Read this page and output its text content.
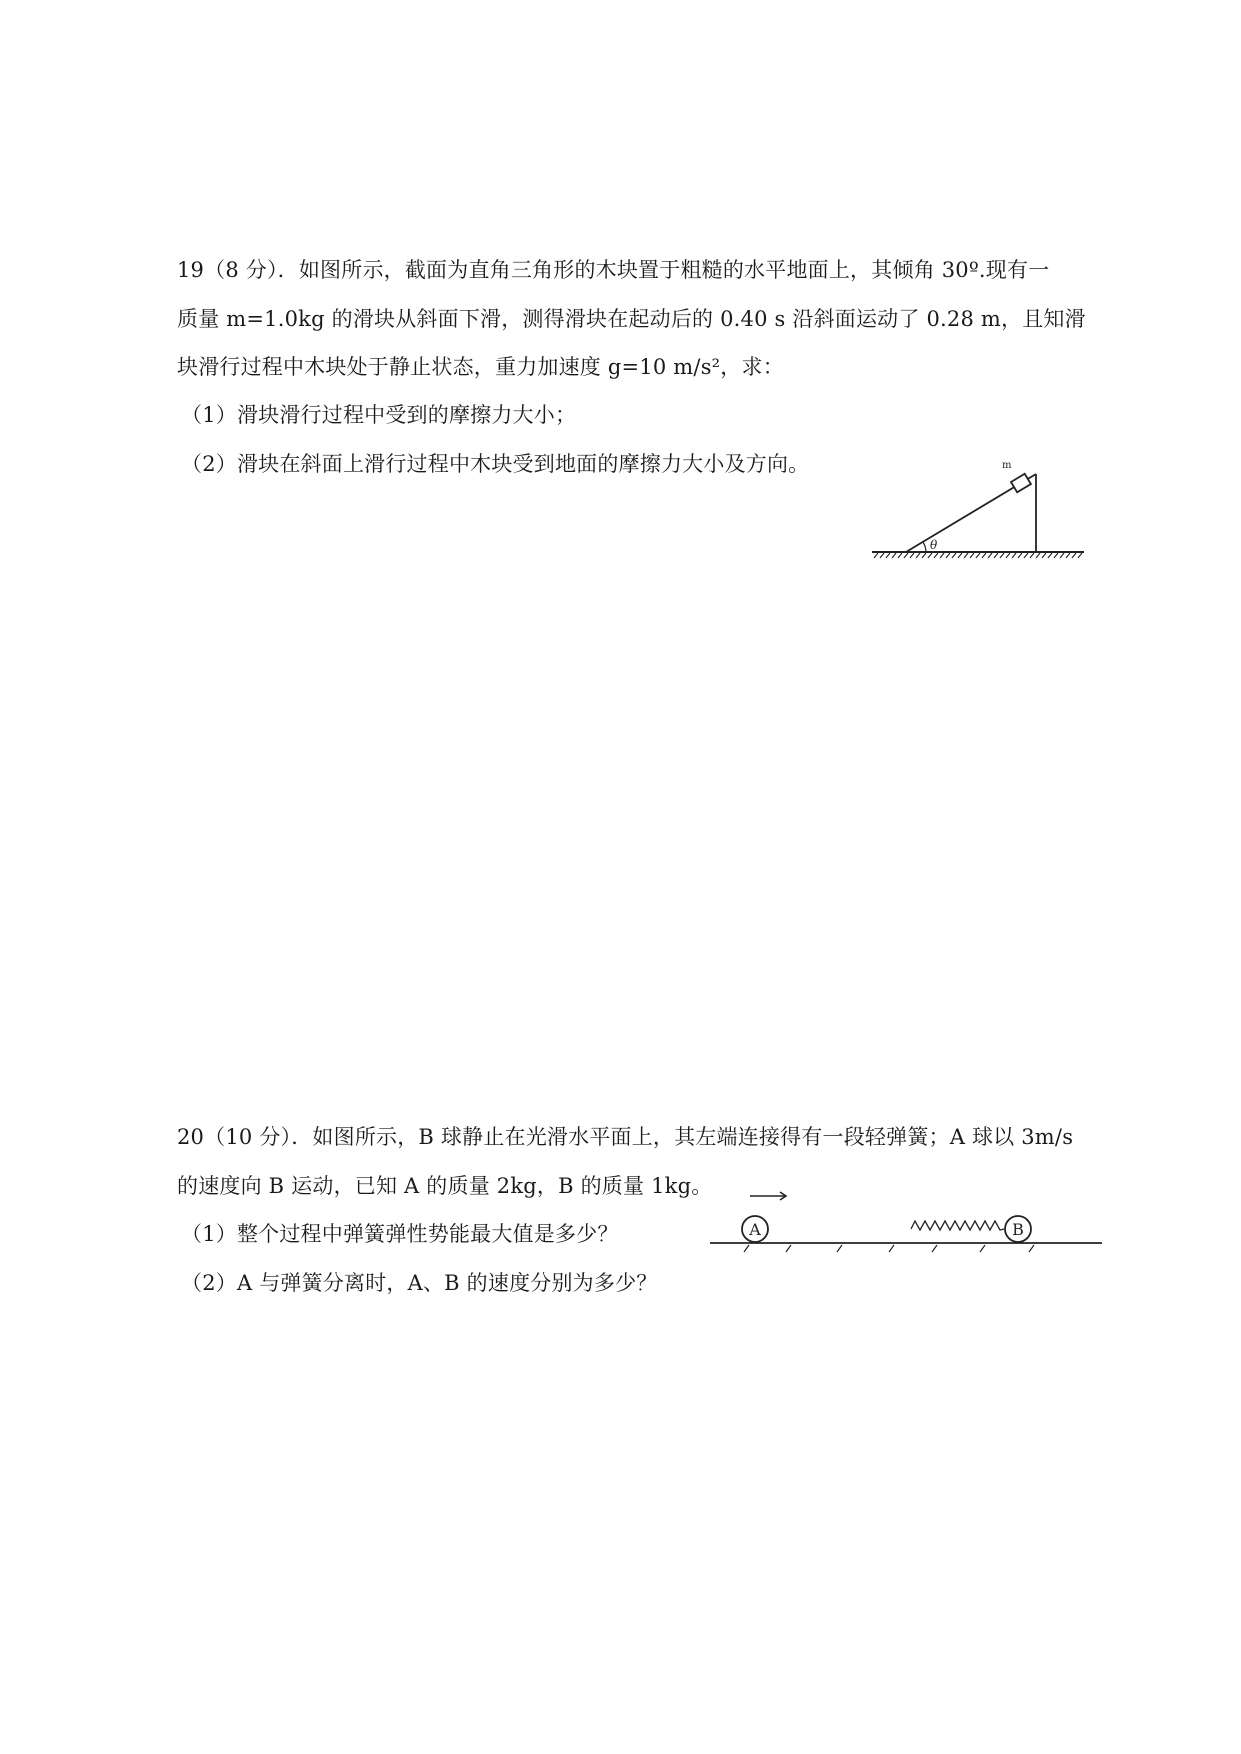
19（8 分）．如图所示，截面为直角三角形的木块置于粗糙的水平地面上，其倾角 30º.现有一
质量 m=1.0kg 的滑块从斜面下滑，测得滑块在起动后的 0.40 s 沿斜面运动了 0.28 m，且知滑
块滑行过程中木块处于静止状态，重力加速度 g=10 m/s²，求：
（1）滑块滑行过程中受到的摩擦力大小；
（2）滑块在斜面上滑行过程中木块受到地面的摩擦力大小及方向。
θ
m
20（10 分）．如图所示，B 球静止在光滑水平面上，其左端连接得有一段轻弹簧；A 球以 3m/s
的速度向 B 运动，已知 A 的质量 2kg，B 的质量 1kg。
（1）整个过程中弹簧弹性势能最大值是多少？
（2）A 与弹簧分离时，A、B 的速度分别为多少？
A	B
